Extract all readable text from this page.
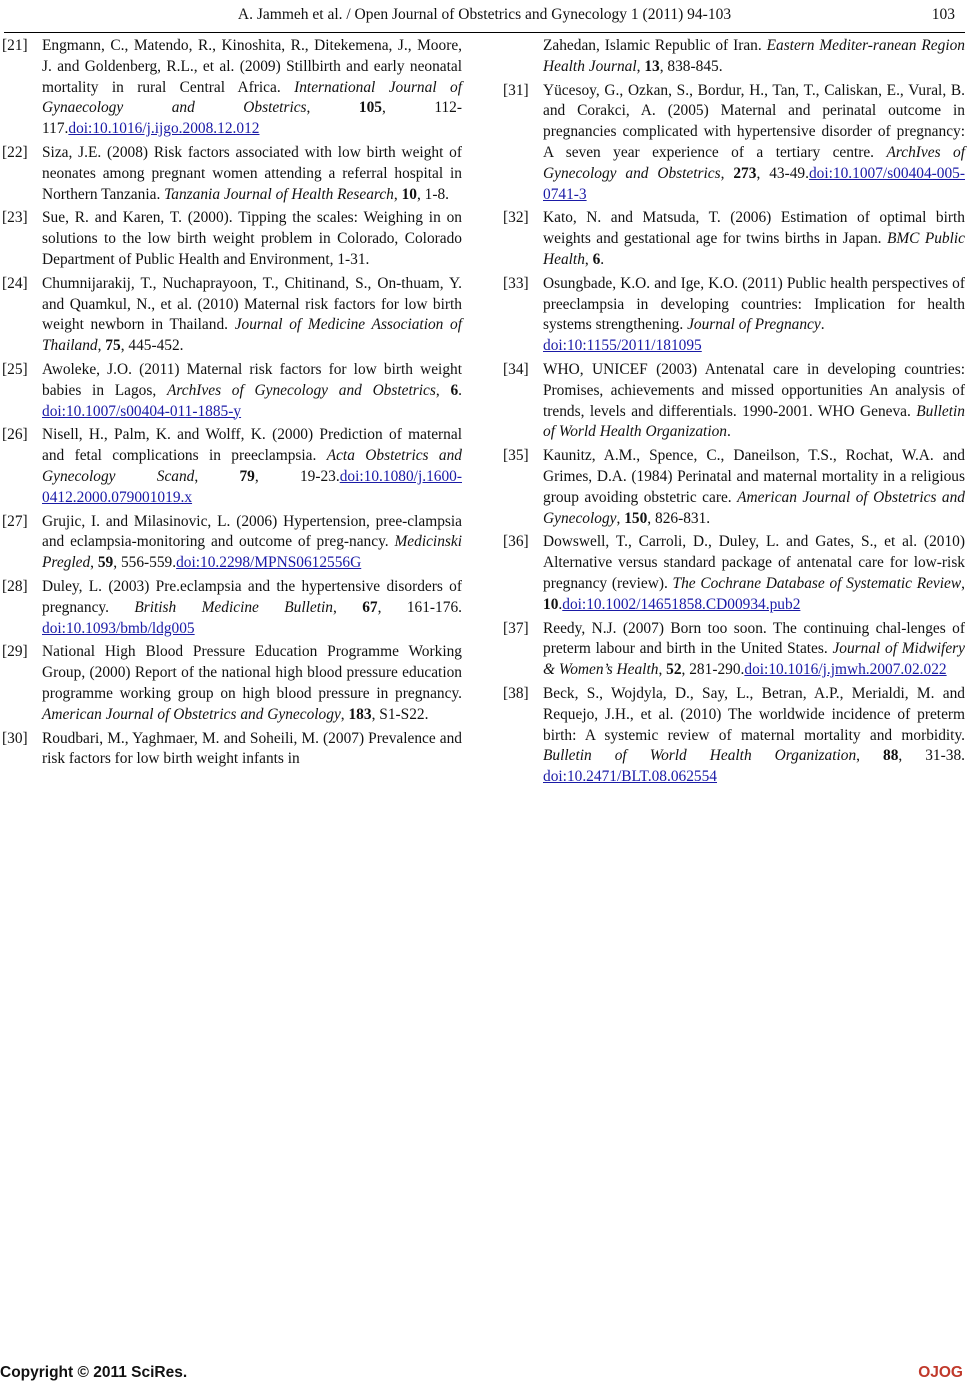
A. Jammeh et al. / Open Journal of Obstetrics and Gynecology 1 (2011) 94-103	103
[21] Engmann, C., Matendo, R., Kinoshita, R., Ditekemena, J., Moore, J. and Goldenberg, R.L., et al. (2009) Stillbirth and early neonatal mortality in rural Central Africa. International Journal of Gynaecology and Obstetrics, 105, 112-117.doi:10.1016/j.ijgo.2008.12.012
[22] Siza, J.E. (2008) Risk factors associated with low birth weight of neonates among pregnant women attending a referral hospital in Northern Tanzania. Tanzania Journal of Health Research, 10, 1-8.
[23] Sue, R. and Karen, T. (2000). Tipping the scales: Weighing in on solutions to the low birth weight problem in Colorado, Colorado Department of Public Health and Environment, 1-31.
[24] Chumnijarakij, T., Nuchaprayoon, T., Chitinand, S., On-thuam, Y. and Quamkul, N., et al. (2010) Maternal risk factors for low birth weight newborn in Thailand. Journal of Medicine Association of Thailand, 75, 445-452.
[25] Awoleke, J.O. (2011) Maternal risk factors for low birth weight babies in Lagos, ArchIves of Gynecology and Obstetrics, 6. doi:10.1007/s00404-011-1885-y
[26] Nisell, H., Palm, K. and Wolff, K. (2000) Prediction of maternal and fetal complications in preeclampsia. Acta Obstetrics and Gynecology Scand, 79, 19-23.doi:10.1080/j.1600-0412.2000.079001019.x
[27] Grujic, I. and Milasinovic, L. (2006) Hypertension, pree-clampsia and eclampsia-monitoring and outcome of preg-nancy. Medicinski Pregled, 59, 556-559.doi:10.2298/MPNS0612556G
[28] Duley, L. (2003) Pre.eclampsia and the hypertensive disorders of pregnancy. British Medicine Bulletin, 67, 161-176. doi:10.1093/bmb/ldg005
[29] National High Blood Pressure Education Programme Working Group, (2000) Report of the national high blood pressure education programme working group on high blood pressure in pregnancy. American Journal of Obstetrics and Gynecology, 183, S1-S22.
[30] Roudbari, M., Yaghmaer, M. and Soheili, M. (2007) Prevalence and risk factors for low birth weight infants in
Zahedan, Islamic Republic of Iran. Eastern Mediter-ranean Region Health Journal, 13, 838-845.
[31] Yücesoy, G., Ozkan, S., Bordur, H., Tan, T., Caliskan, E., Vural, B. and Corakci, A. (2005) Maternal and perinatal outcome in pregnancies complicated with hypertensive disorder of pregnancy: A seven year experience of a tertiary centre. ArchIves of Gynecology and Obstetrics, 273, 43-49.doi:10.1007/s00404-005-0741-3
[32] Kato, N. and Matsuda, T. (2006) Estimation of optimal birth weights and gestational age for twins births in Japan. BMC Public Health, 6.
[33] Osungbade, K.O. and Ige, K.O. (2011) Public health perspectives of preeclampsia in developing countries: Implication for health systems strengthening. Journal of Pregnancy.
doi:10:1155/2011/181095
[34] WHO, UNICEF (2003) Antenatal care in developing countries: Promises, achievements and missed opportunities An analysis of trends, levels and differentials. 1990-2001. WHO Geneva. Bulletin of World Health Organization.
[35] Kaunitz, A.M., Spence, C., Daneilson, T.S., Rochat, W.A. and Grimes, D.A. (1984) Perinatal and maternal mortality in a religious group avoiding obstetric care. American Journal of Obstetrics and Gynecology, 150, 826-831.
[36] Dowswell, T., Carroli, D., Duley, L. and Gates, S., et al. (2010) Alternative versus standard package of antenatal care for low-risk pregnancy (review). The Cochrane Database of Systematic Review, 10.doi:10.1002/14651858.CD00934.pub2
[37] Reedy, N.J. (2007) Born too soon. The continuing chal-lenges of preterm labour and birth in the United States. Journal of Midwifery & Women’s Health, 52, 281-290.doi:10.1016/j.jmwh.2007.02.022
[38] Beck, S., Wojdyla, D., Say, L., Betran, A.P., Merialdi, M. and Requejo, J.H., et al. (2010) The worldwide incidence of preterm birth: A systemic review of maternal mortality and morbidity. Bulletin of World Health Organization, 88, 31-38. doi:10.2471/BLT.08.062554
Copyright © 2011 SciRes.	OJOG
